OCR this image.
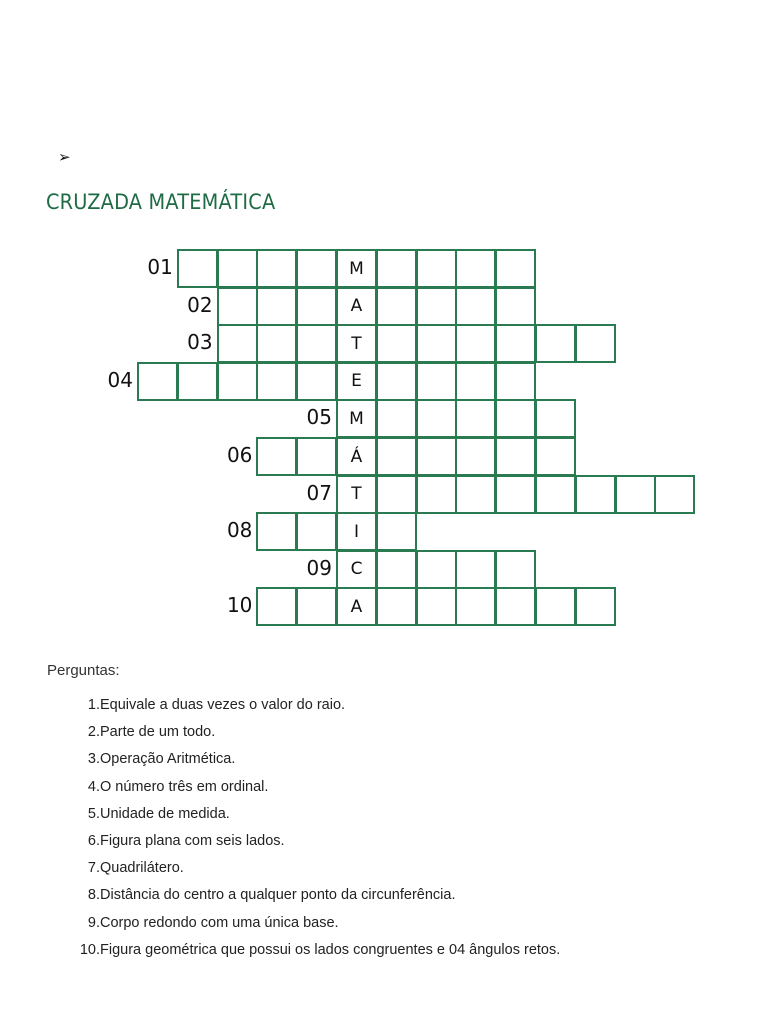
➢
CRUZADA MATEMÁTICA
01	M
02	A
03	T
04	E
05	M
06	Á
07	T
08	I
09	C
10	A
Perguntas:
1. Equivale a duas vezes o valor do raio.
2. Parte de um todo.
3. Operação Aritmética.
4. O número três em ordinal.
5. Unidade de medida.
6. Figura plana com seis lados.
7. Quadrilátero.
8. Distância do centro a qualquer ponto da circunferência.
9. Corpo redondo com uma única base.
10. Figura geométrica que possui os lados congruentes e 04 ângulos retos.
